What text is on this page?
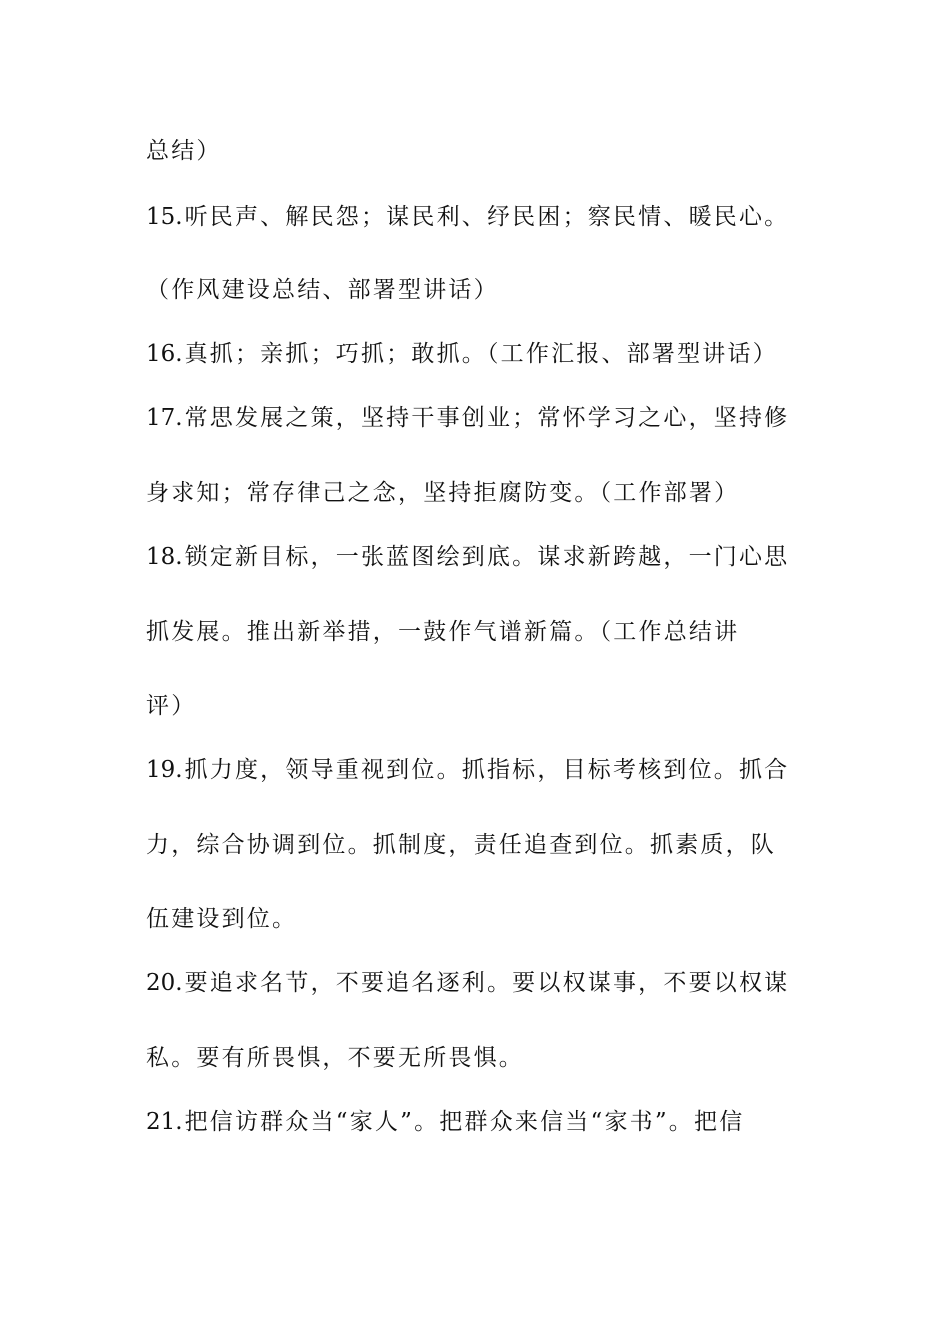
总结）
15.听民声、解民怨；谋民利、纾民困；察民情、暖民心。
（作风建设总结、部署型讲话）
16.真抓；亲抓；巧抓；敢抓。（工作汇报、部署型讲话）
17.常思发展之策，坚持干事创业；常怀学习之心，坚持修
身求知；常存律己之念，坚持拒腐防变。（工作部署）
18.锁定新目标，一张蓝图绘到底。谋求新跨越，一门心思
抓发展。推出新举措，一鼓作气谱新篇。（工作总结讲
评）
19.抓力度，领导重视到位。抓指标，目标考核到位。抓合
力，综合协调到位。抓制度，责任追查到位。抓素质，队
伍建设到位。
20.要追求名节，不要追名逐利。要以权谋事，不要以权谋
私。要有所畏惧，不要无所畏惧。
21.把信访群众当“家人”。把群众来信当“家书”。把信
